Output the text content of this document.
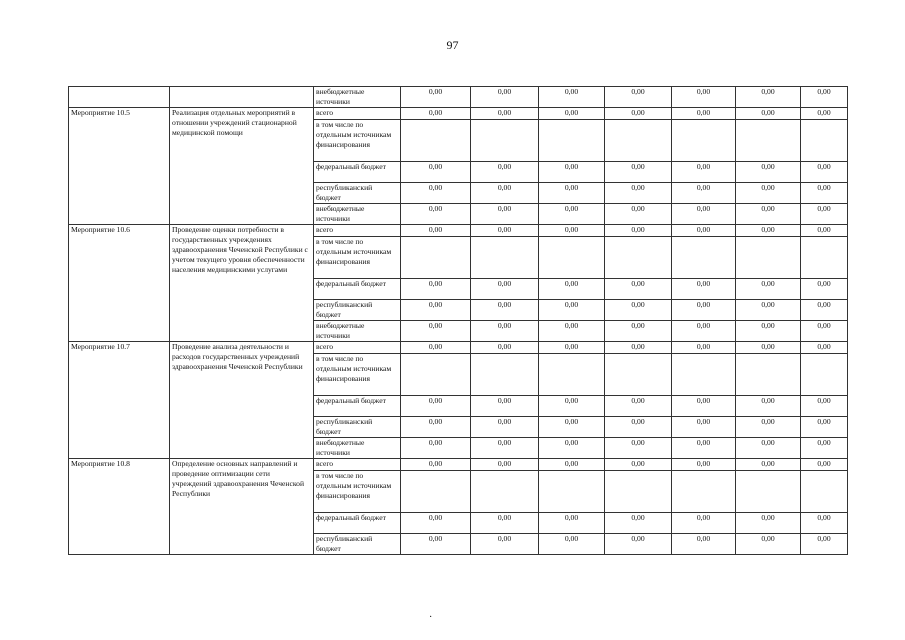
97
		внебюджетные источники	0,00	0,00	0,00	0,00	0,00	0,00	0,00
Мероприятие 10.5	Реализация отдельных мероприятий в отношении учреждений стационарной медицинской помощи	всего	0,00	0,00	0,00	0,00	0,00	0,00	0,00
		в том числе по отдельным источникам финансирования							
		федеральный бюджет	0,00	0,00	0,00	0,00	0,00	0,00	0,00
		республиканский бюджет	0,00	0,00	0,00	0,00	0,00	0,00	0,00
		внебюджетные источники	0,00	0,00	0,00	0,00	0,00	0,00	0,00
Мероприятие 10.6	Проведение оценки потребности в государственных учреждениях здравоохранения Чеченской Республики с учетом текущего уровня обеспеченности населения медицинскими услугами	всего	0,00	0,00	0,00	0,00	0,00	0,00	0,00
		в том числе по отдельным источникам финансирования							
		федеральный бюджет	0,00	0,00	0,00	0,00	0,00	0,00	0,00
		республиканский бюджет	0,00	0,00	0,00	0,00	0,00	0,00	0,00
		внебюджетные источники	0,00	0,00	0,00	0,00	0,00	0,00	0,00
Мероприятие 10.7	Проведение анализа деятельности и расходов государственных учреждений здравоохранения Чеченской Республики	всего	0,00	0,00	0,00	0,00	0,00	0,00	0,00
		в том числе по отдельным источникам финансирования							
		федеральный бюджет	0,00	0,00	0,00	0,00	0,00	0,00	0,00
		республиканский бюджет	0,00	0,00	0,00	0,00	0,00	0,00	0,00
		внебюджетные источники	0,00	0,00	0,00	0,00	0,00	0,00	0,00
Мероприятие 10.8	Определение основных направлений и проведение оптимизации сети учреждений здравоохранения Чеченской Республики	всего	0,00	0,00	0,00	0,00	0,00	0,00	0,00
		в том числе по отдельным источникам финансирования							
		федеральный бюджет	0,00	0,00	0,00	0,00	0,00	0,00	0,00
		республиканский бюджет	0,00	0,00	0,00	0,00	0,00	0,00	0,00
·
